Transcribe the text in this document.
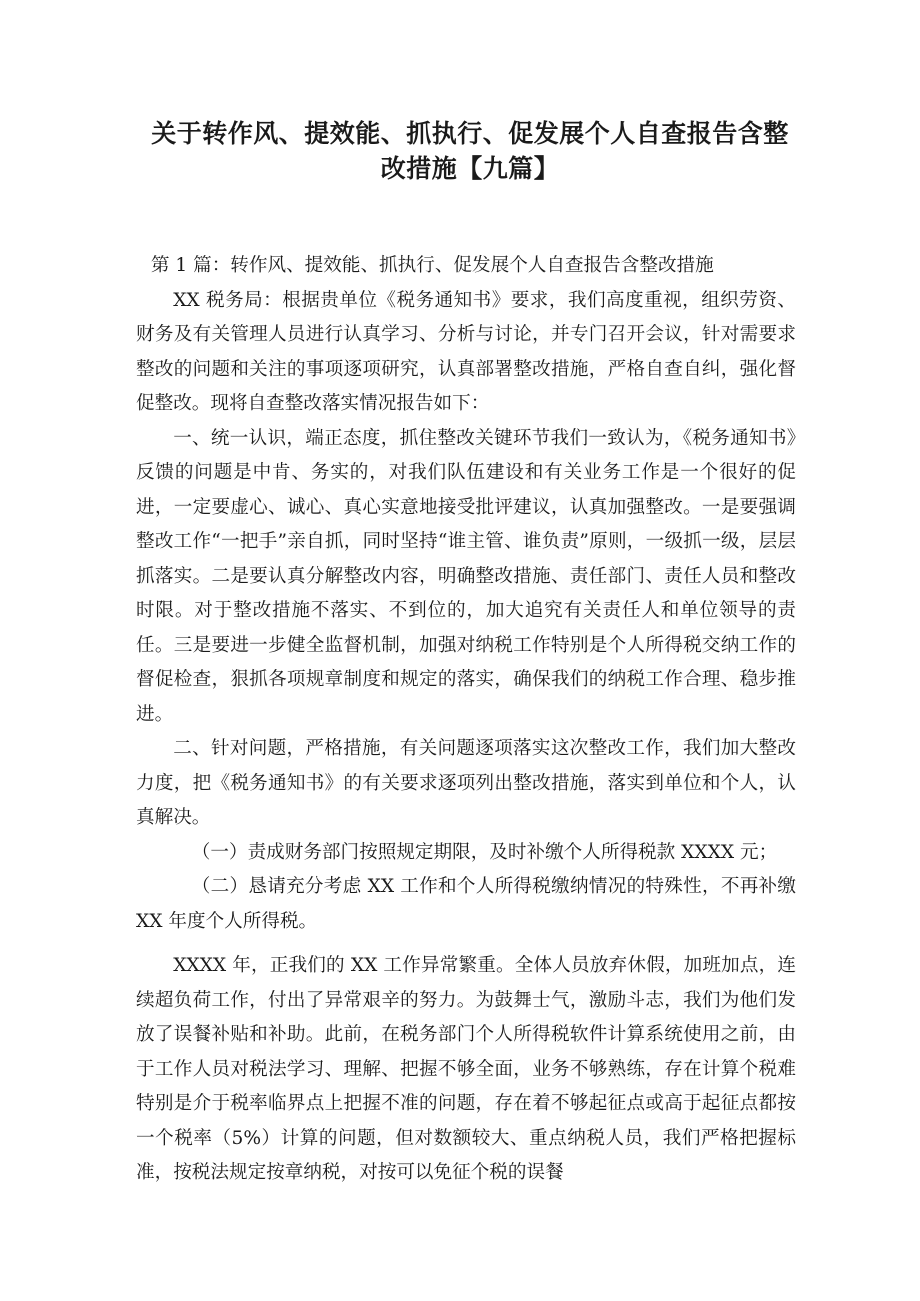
关于转作风、提效能、抓执行、促发展个人自查报告含整
改措施【九篇】

第 1 篇：转作风、提效能、抓执行、促发展个人自查报告含整改措施

XX 税务局：根据贵单位《税务通知书》要求，我们高度重视，组织劳资、财务及有关管理人员进行认真学习、分析与讨论，并专门召开会议，针对需要求整改的问题和关注的事项逐项研究，认真部署整改措施，严格自查自纠，强化督促整改。现将自查整改落实情况报告如下：

一、统一认识，端正态度，抓住整改关键环节我们一致认为，《税务通知书》反馈的问题是中肯、务实的，对我们队伍建设和有关业务工作是一个很好的促进，一定要虚心、诚心、真心实意地接受批评建议，认真加强整改。一是要强调整改工作“一把手”亲自抓，同时坚持“谁主管、谁负责”原则，一级抓一级，层层抓落实。二是要认真分解整改内容，明确整改措施、责任部门、责任人员和整改时限。对于整改措施不落实、不到位的，加大追究有关责任人和单位领导的责任。三是要进一步健全监督机制，加强对纳税工作特别是个人所得税交纳工作的督促检查，狠抓各项规章制度和规定的落实，确保我们的纳税工作合理、稳步推进。

二、针对问题，严格措施，有关问题逐项落实这次整改工作，我们加大整改力度，把《税务通知书》的有关要求逐项列出整改措施，落实到单位和个人，认真解决。

（一）责成财务部门按照规定期限，及时补缴个人所得税款 XXXX 元；

（二）恳请充分考虑 XX 工作和个人所得税缴纳情况的特殊性，不再补缴 XX 年度个人所得税。

XXXX 年，正我们的 XX 工作异常繁重。全体人员放弃休假，加班加点，连续超负荷工作，付出了异常艰辛的努力。为鼓舞士气，激励斗志，我们为他们发放了误餐补贴和补助。此前，在税务部门个人所得税软件计算系统使用之前，由于工作人员对税法学习、理解、把握不够全面，业务不够熟练，存在计算个税难特别是介于税率临界点上把握不准的问题，存在着不够起征点或高于起征点都按一个税率（5%）计算的问题，但对数额较大、重点纳税人员，我们严格把握标准，按税法规定按章纳税，对按可以免征个税的误餐
